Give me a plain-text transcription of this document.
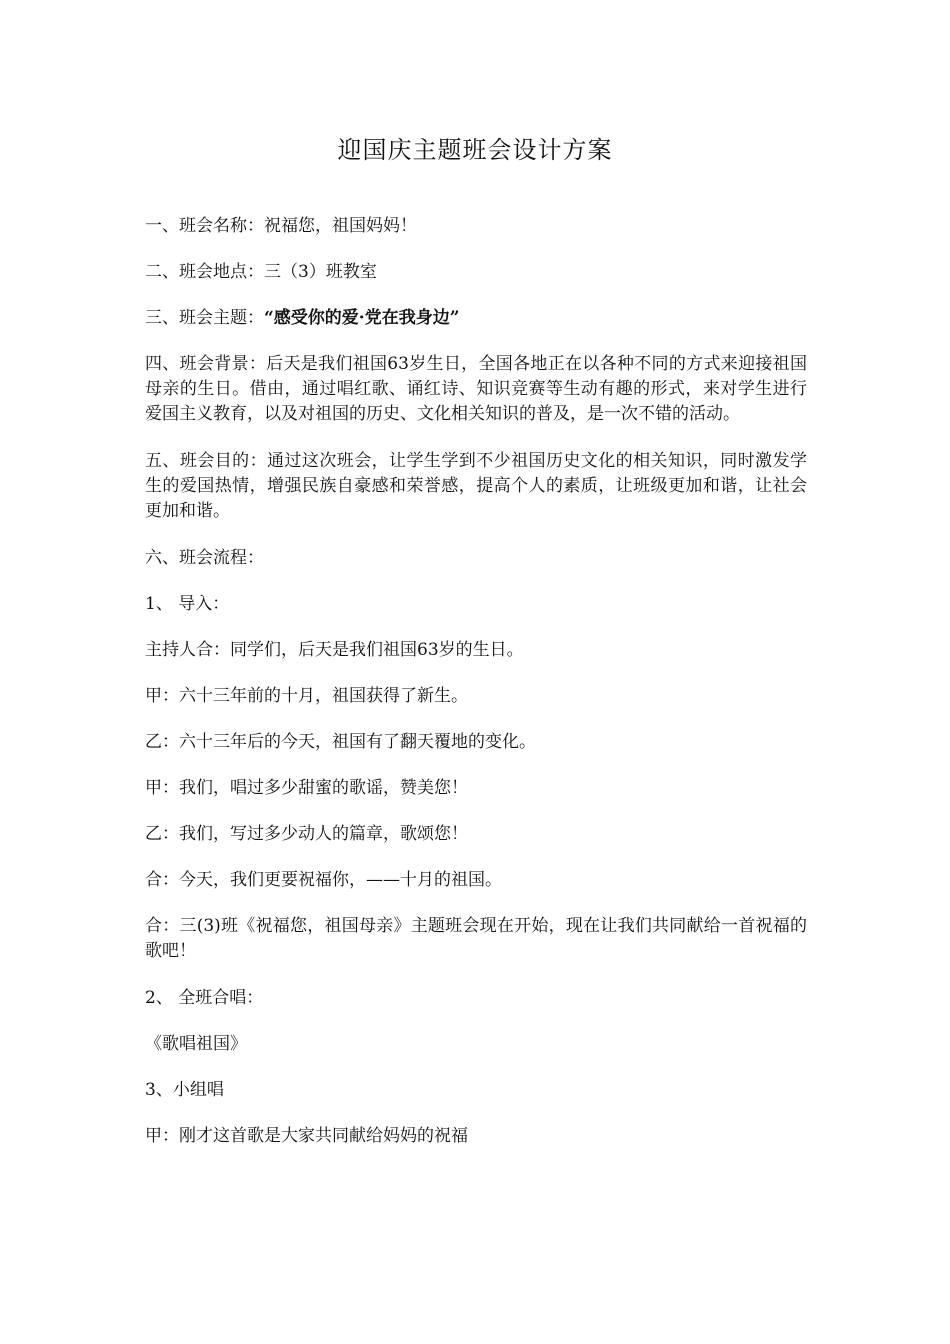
迎国庆主题班会设计方案

一、班会名称：祝福您，祖国妈妈！

二、班会地点：三（3）班教室

三、班会主题：“感受你的爱·党在我身边”

四、班会背景：后天是我们祖国63岁生日，全国各地正在以各种不同的方式来迎接祖国母亲的生日。借由，通过唱红歌、诵红诗、知识竞赛等生动有趣的形式，来对学生进行爱国主义教育，以及对祖国的历史、文化相关知识的普及，是一次不错的活动。

五、班会目的：通过这次班会，让学生学到不少祖国历史文化的相关知识，同时激发学生的爱国热情，增强民族自豪感和荣誉感，提高个人的素质，让班级更加和谐，让社会更加和谐。

六、班会流程：

1、 导入：

主持人合：同学们，后天是我们祖国63岁的生日。

甲：六十三年前的十月，祖国获得了新生。

乙：六十三年后的今天，祖国有了翻天覆地的变化。

甲：我们，唱过多少甜蜜的歌谣，赞美您！

乙：我们，写过多少动人的篇章，歌颂您！

合：今天，我们更要祝福你，——十月的祖国。

合：三(3)班《祝福您，祖国母亲》主题班会现在开始，现在让我们共同献给一首祝福的歌吧！

2、 全班合唱：

《歌唱祖国》

3、小组唱

甲：刚才这首歌是大家共同献给妈妈的祝福
